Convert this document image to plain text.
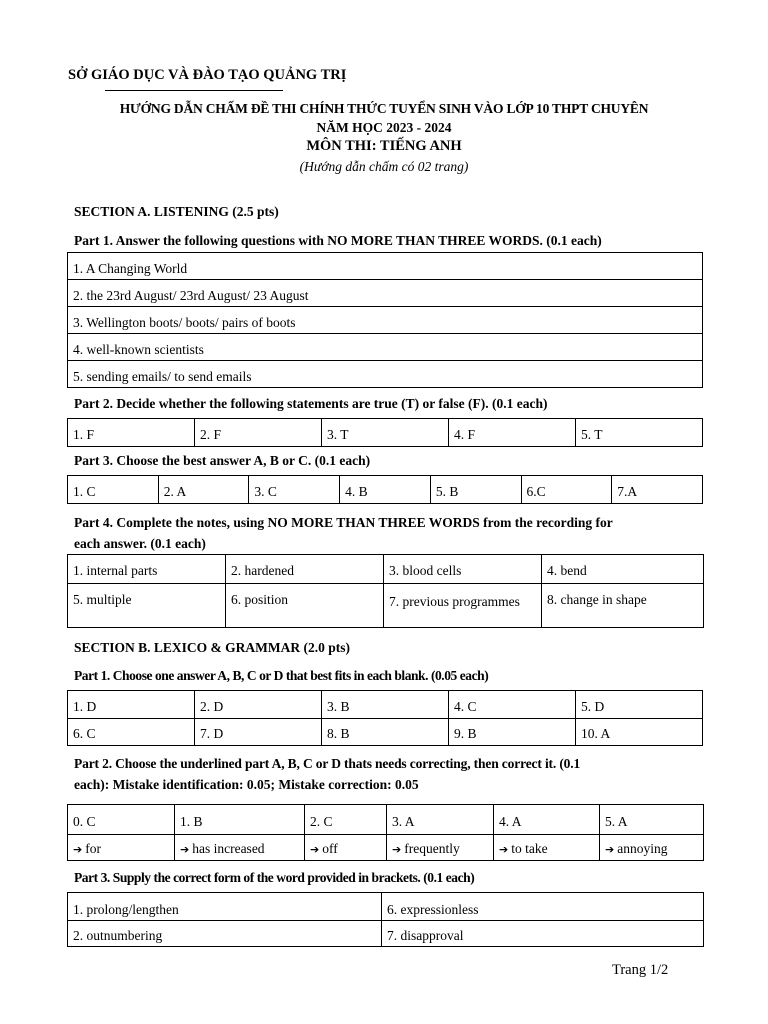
SỞ GIÁO DỤC VÀ ĐÀO TẠO QUẢNG TRỊ
HƯỚNG DẪN CHẤM ĐỀ THI CHÍNH THỨC TUYỂN SINH VÀO LỚP 10 THPT CHUYÊN
NĂM HỌC 2023 - 2024
MÔN THI: TIẾNG ANH
(Hướng dẫn chấm có 02 trang)
SECTION A. LISTENING (2.5 pts)
Part 1. Answer the following questions with NO MORE THAN THREE WORDS. (0.1 each)
1. A Changing World
2. the 23rd August/ 23rd August/ 23 August
3. Wellington boots/ boots/ pairs of boots
4. well-known scientists
5. sending emails/ to send emails
Part 2. Decide whether the following statements are true (T) or false (F). (0.1 each)
1. F	2. F	3. T	4. F	5. T
Part 3. Choose the best answer A, B or C. (0.1 each)
1. C	2. A	3. C	4. B	5. B	6.C	7.A
Part 4. Complete the notes, using NO MORE THAN THREE WORDS from the recording for
each answer. (0.1 each)
1. internal parts	2. hardened	3. blood cells	4. bend
5. multiple	6. position	7. previous programmes	8. change in shape
SECTION B. LEXICO & GRAMMAR (2.0 pts)
Part 1. Choose one answer A, B, C or D that best fits in each blank. (0.05 each)
1. D	2. D	3. B	4. C	5. D
6. C	7. D	8. B	9. B	10. A
Part 2. Choose the underlined part A, B, C or D thats needs correcting, then correct it. (0.1
each): Mistake identification: 0.05; Mistake correction: 0.05
0. C	1. B	2. C	3. A	4. A	5. A
➔ for	➔ has increased	➔ off	➔ frequently	➔ to take	➔ annoying
Part 3. Supply the correct form of the word provided in brackets. (0.1 each)
1. prolong/lengthen	6. expressionless
2. outnumbering	7. disapproval
Trang 1/2
